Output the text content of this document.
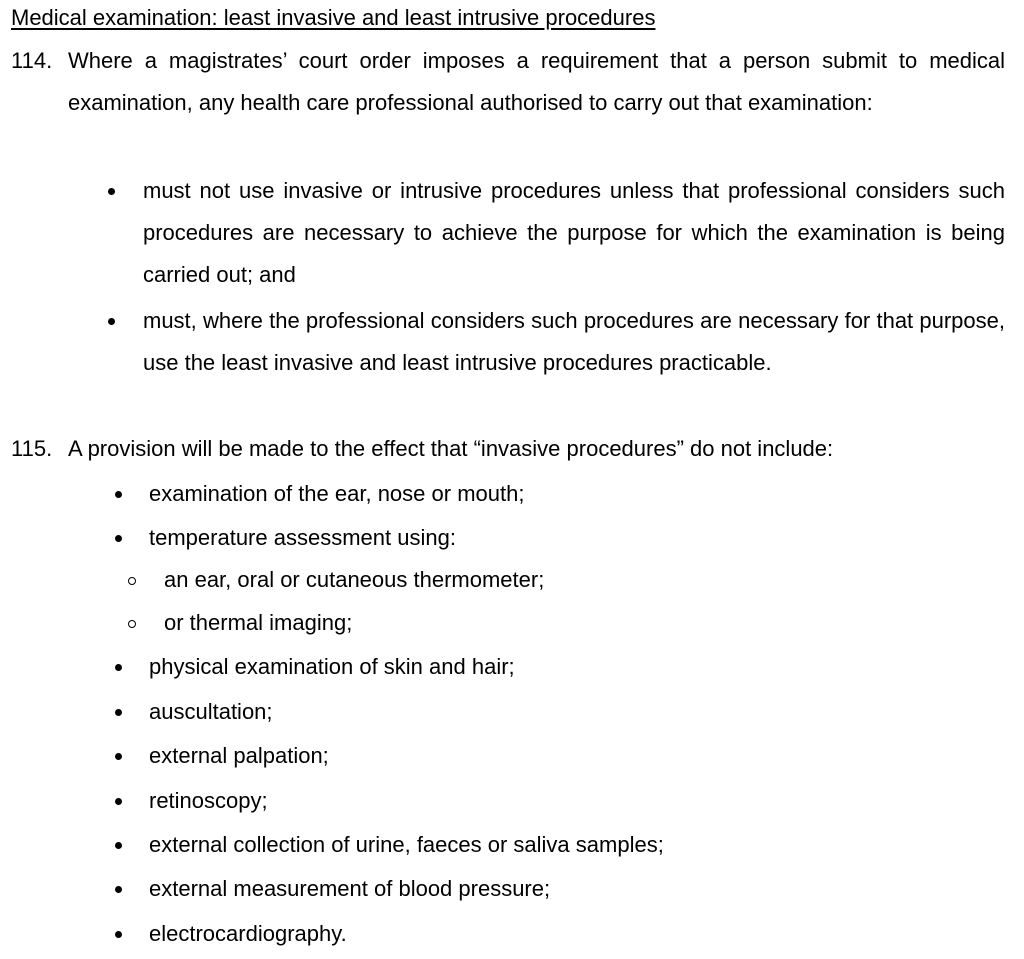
Medical examination: least invasive and least intrusive procedures
114. Where a magistrates’ court order imposes a requirement that a person submit to medical examination, any health care professional authorised to carry out that examination:
must not use invasive or intrusive procedures unless that professional considers such procedures are necessary to achieve the purpose for which the examination is being carried out; and
must, where the professional considers such procedures are necessary for that purpose, use the least invasive and least intrusive procedures practicable.
115. A provision will be made to the effect that “invasive procedures” do not include:
examination of the ear, nose or mouth;
temperature assessment using:
an ear, oral or cutaneous thermometer;
or thermal imaging;
physical examination of skin and hair;
auscultation;
external palpation;
retinoscopy;
external collection of urine, faeces or saliva samples;
external measurement of blood pressure;
electrocardiography.
